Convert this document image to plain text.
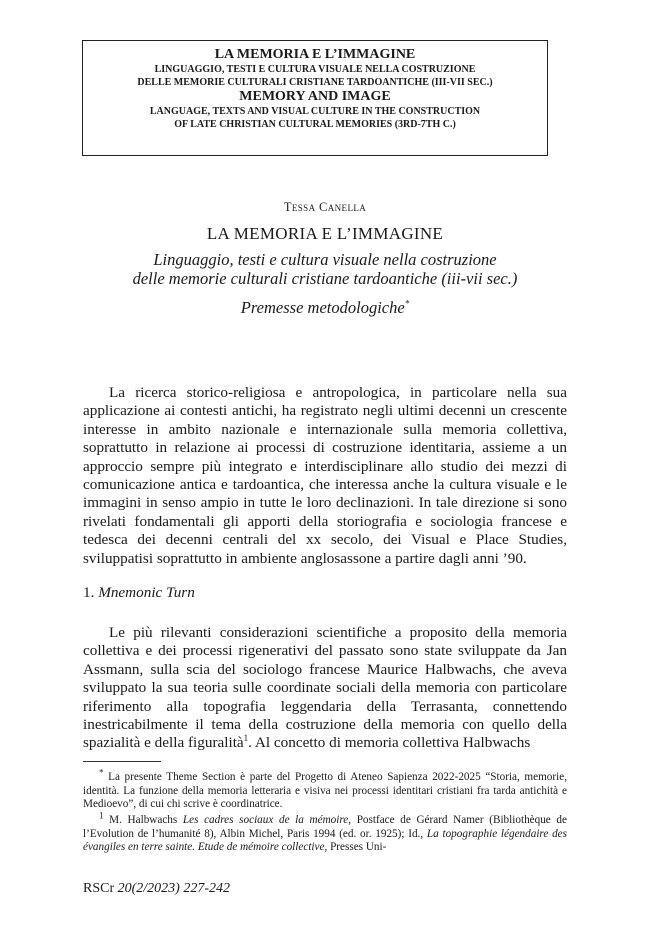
LA MEMORIA E L’IMMAGINE

LINGUAGGIO, TESTI E CULTURA VISUALE NELLA COSTRUZIONE

DELLE MEMORIE CULTURALI CRISTIANE TARDOANTICHE (III-VII SEC.)

MEMORY AND IMAGE

LANGUAGE, TEXTS AND VISUAL CULTURE IN THE CONSTRUCTION

OF LATE CHRISTIAN CULTURAL MEMORIES (3RD-7TH C.)

Tessa Canella
LA MEMORIA E L’IMMAGINE
Linguaggio, testi e cultura visuale nella costruzione
delle memorie culturali cristiane tardoantiche (iii-vii sec.)
Premesse metodologiche*

La ricerca storico-religiosa e antropologica, in particolare nella sua applicazione ai contesti antichi, ha registrato negli ultimi decenni un crescente interesse in ambito nazionale e internazionale sulla memoria collettiva, soprattutto in relazione ai processi di costruzione identitaria, assieme a un approccio sempre più integrato e interdisciplinare allo studio dei mezzi di comunicazione antica e tardoantica, che interessa anche la cultura visuale e le immagini in senso ampio in tutte le loro declinazioni. In tale direzione si sono rivelati fondamentali gli apporti della storiografia e sociologia francese e tedesca dei decenni centrali del xx secolo, dei Visual e Place Studies, sviluppatisi soprattutto in ambiente anglosassone a partire dagli anni ’90.

1. Mnemonic Turn

Le più rilevanti considerazioni scientifiche a proposito della memoria collettiva e dei processi rigenerativi del passato sono state sviluppate da Jan Assmann, sulla scia del sociologo francese Maurice Halbwachs, che aveva sviluppato la sua teoria sulle coordinate sociali della memoria con particolare riferimento alla topografia leggendaria della Terrasanta, connettendo inestricabilmente il tema della costruzione della memoria con quello della spazialità e della figuralità$^1$. Al concetto di memoria collettiva Halbwachs

* La presente Theme Section è parte del Progetto di Ateneo Sapienza 2022-2025 “Storia, memorie, identità. La funzione della memoria letteraria e visiva nei processi identitari cristiani fra tarda antichità e Medioevo”, di cui chi scrive è coordinatrice.

$^1$ M. Halbwachs Les cadres sociaux de la mémoire, Postface de Gérard Namer (Bibliothèque de l’Evolution de l’humanité 8), Albin Michel, Paris 1994 (ed. or. 1925); Id., La topographie légendaire des évangiles en terre sainte. Etude de mémoire collective, Presses Uni-

RSCr 20(2/2023) 227-242
